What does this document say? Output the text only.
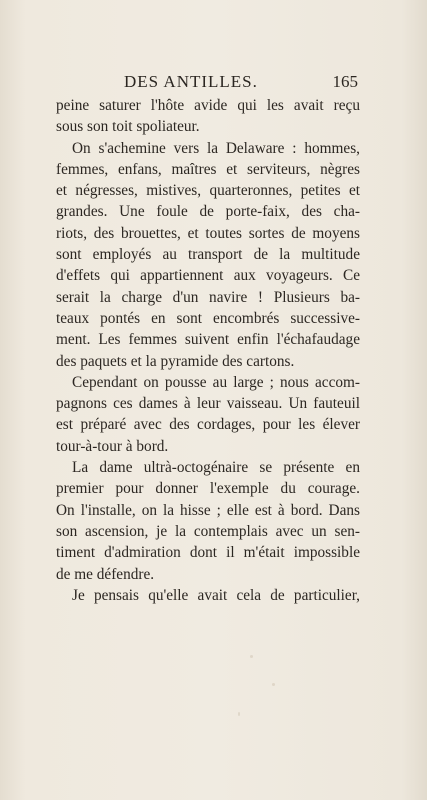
DES ANTILLES.	165
peine saturer l'hôte avide qui les avait reçu
sous son toit spoliateur.
On s'achemine vers la Delaware : hommes,
femmes, enfans, maîtres et serviteurs, nègres
et négresses, mistives, quarteronnes, petites et
grandes. Une foule de porte-faix, des cha-
riots, des brouettes, et toutes sortes de moyens
sont employés au transport de la multitude
d'effets qui appartiennent aux voyageurs. Ce
serait la charge d'un navire ! Plusieurs ba-
teaux pontés en sont encombrés successive-
ment. Les femmes suivent enfin l'échafaudage
des paquets et la pyramide des cartons.
Cependant on pousse au large ; nous accom-
pagnons ces dames à leur vaisseau. Un fauteuil
est préparé avec des cordages, pour les élever
tour-à-tour à bord.
La dame ultrà-octogénaire se présente en
premier pour donner l'exemple du courage.
On l'installe, on la hisse ; elle est à bord. Dans
son ascension, je la contemplais avec un sen-
timent d'admiration dont il m'était impossible
de me défendre.
Je pensais qu'elle avait cela de particulier,
